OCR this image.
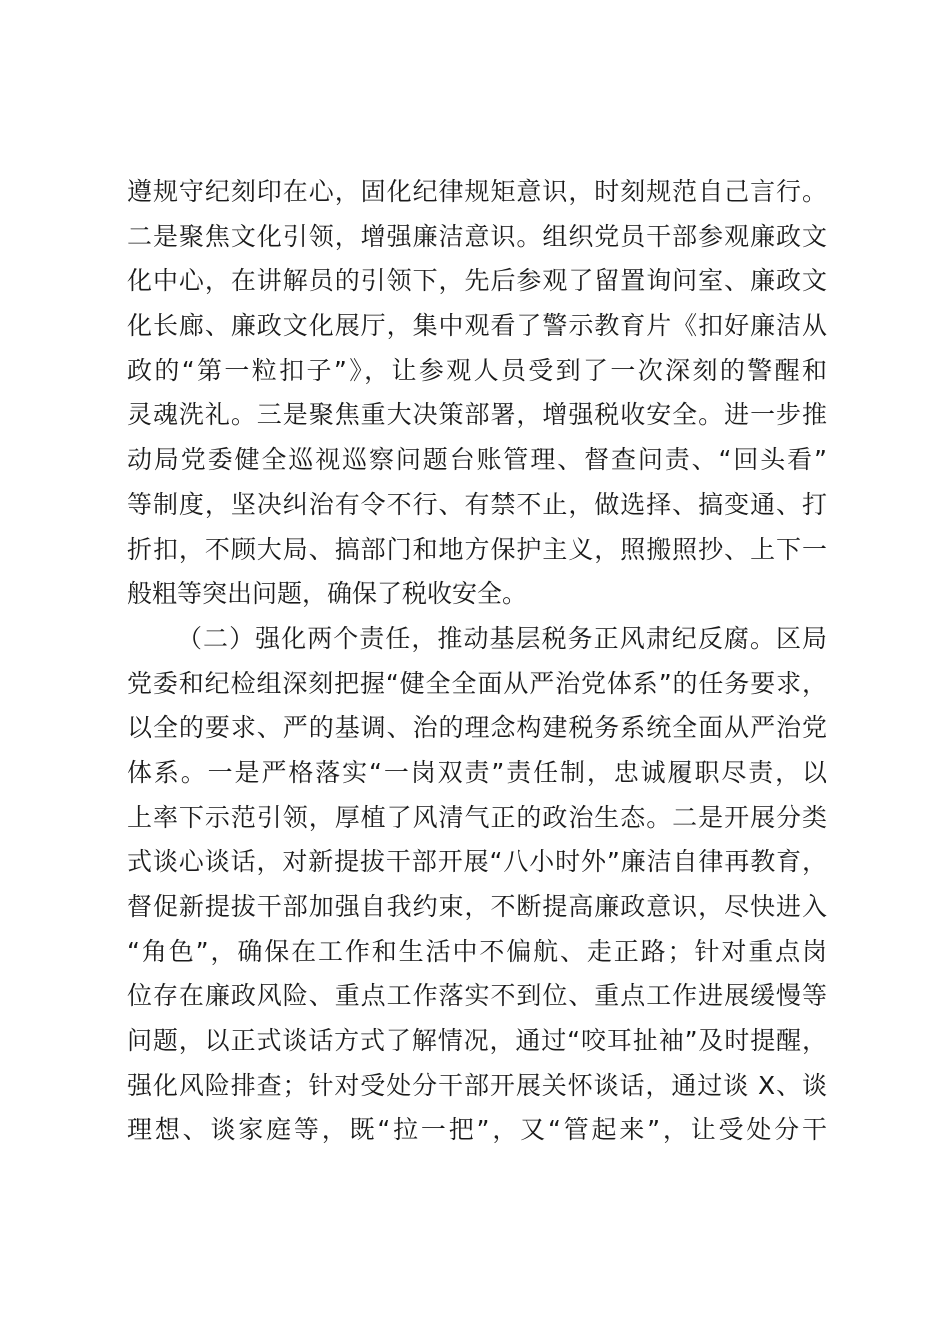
遵规守纪刻印在心，固化纪律规矩意识，时刻规范自己言行。
二是聚焦文化引领，增强廉洁意识。组织党员干部参观廉政文
化中心，在讲解员的引领下，先后参观了留置询问室、廉政文
化长廊、廉政文化展厅，集中观看了警示教育片《扣好廉洁从
政的“第一粒扣子”》，让参观人员受到了一次深刻的警醒和
灵魂洗礼。三是聚焦重大决策部署，增强税收安全。进一步推
动局党委健全巡视巡察问题台账管理、督查问责、“回头看”
等制度，坚决纠治有令不行、有禁不止，做选择、搞变通、打
折扣，不顾大局、搞部门和地方保护主义，照搬照抄、上下一
般粗等突出问题，确保了税收安全。
（二）强化两个责任，推动基层税务正风肃纪反腐。区局
党委和纪检组深刻把握“健全全面从严治党体系”的任务要求，
以全的要求、严的基调、治的理念构建税务系统全面从严治党
体系。一是严格落实“一岗双责”责任制，忠诚履职尽责，以
上率下示范引领，厚植了风清气正的政治生态。二是开展分类
式谈心谈话，对新提拔干部开展“八小时外”廉洁自律再教育，
督促新提拔干部加强自我约束，不断提高廉政意识，尽快进入
“角色”，确保在工作和生活中不偏航、走正路；针对重点岗
位存在廉政风险、重点工作落实不到位、重点工作进展缓慢等
问题，以正式谈话方式了解情况，通过“咬耳扯袖”及时提醒，
强化风险排查；针对受处分干部开展关怀谈话，通过谈 X、谈
理想、谈家庭等，既“拉一把”，又“管起来”，让受处分干
